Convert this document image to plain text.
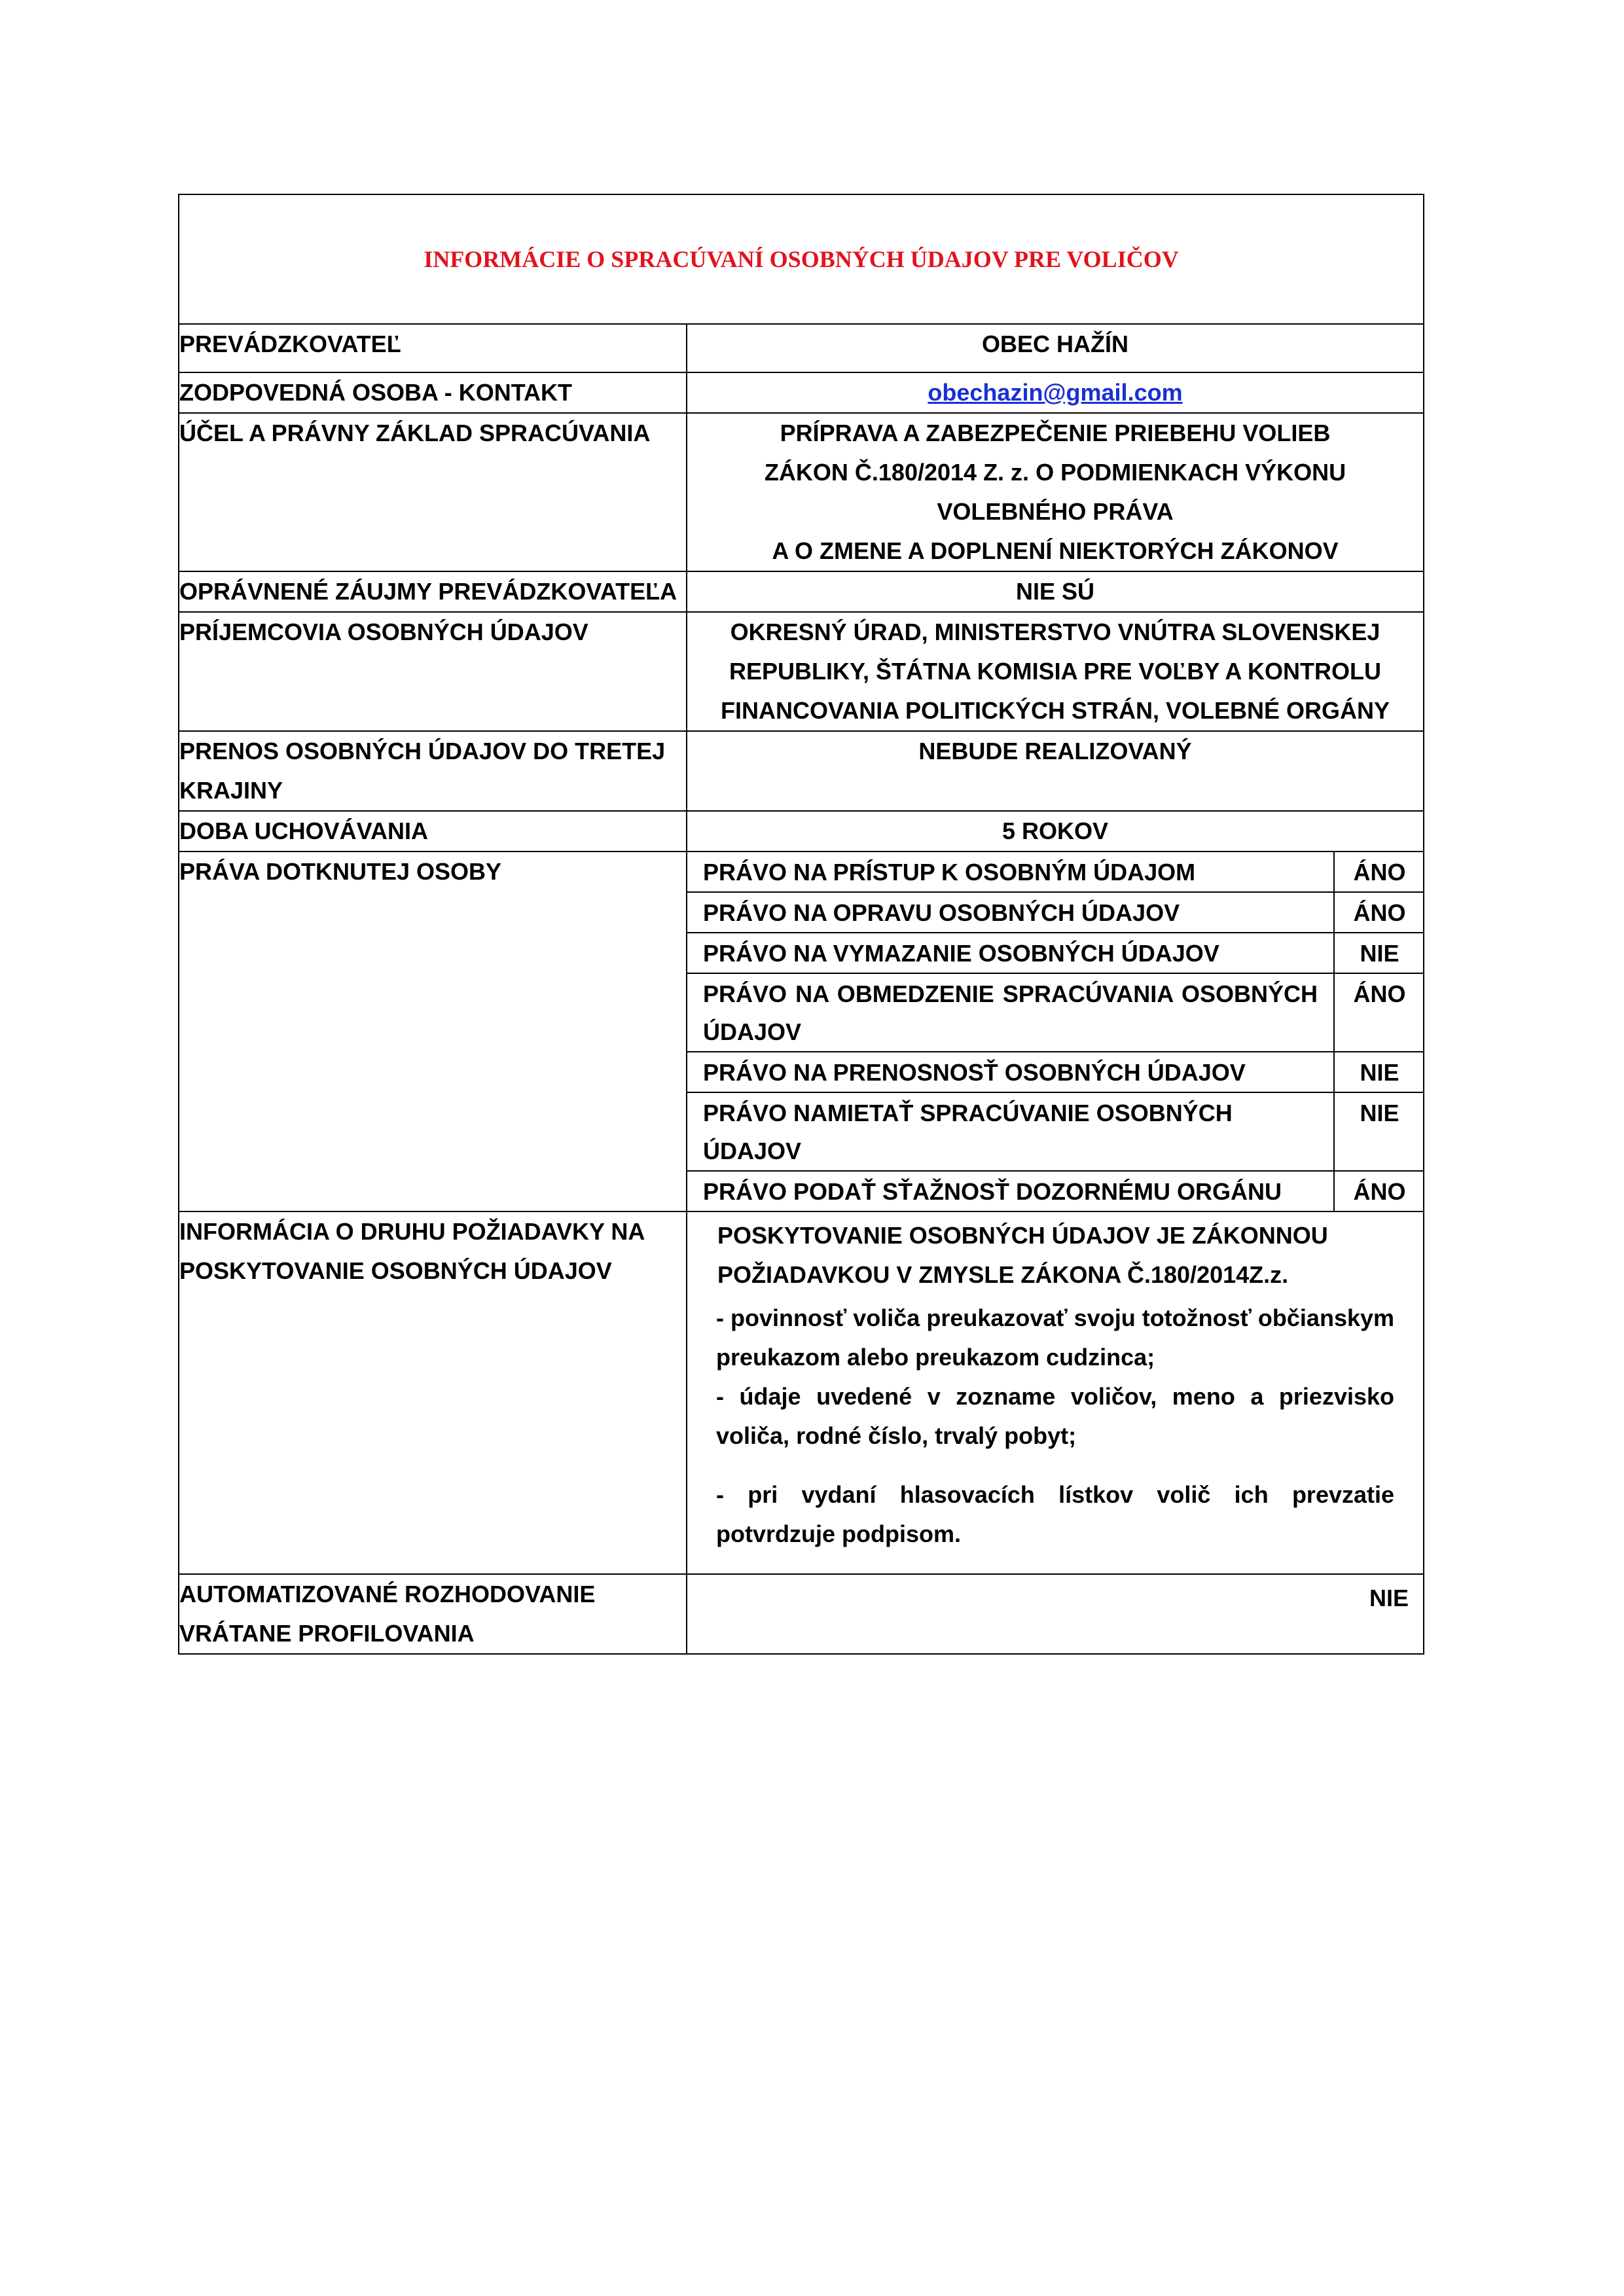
INFORMÁCIE O SPRACÚVANÍ OSOBNÝCH ÚDAJOV PRE VOLIČOV
PREVÁDZKOVATEĽ	OBEC HAŽÍN
ZODPOVEDNÁ OSOBA - KONTAKT	obechazin@gmail.com
ÚČEL A PRÁVNY ZÁKLAD SPRACÚVANIA	PRÍPRAVA A ZABEZPEČENIE PRIEBEHU VOLIEB
ZÁKON Č.180/2014 Z. z. O PODMIENKACH VÝKONU
VOLEBNÉHO PRÁVA
A O ZMENE A DOPLNENÍ NIEKTORÝCH ZÁKONOV

OPRÁVNENÉ ZÁUJMY PREVÁDZKOVATEĽA	NIE SÚ
PRÍJEMCOVIA OSOBNÝCH ÚDAJOV	OKRESNÝ ÚRAD, MINISTERSTVO VNÚTRA SLOVENSKEJ
REPUBLIKY, ŠTÁTNA KOMISIA PRE VOĽBY A KONTROLU
FINANCOVANIA POLITICKÝCH STRÁN, VOLEBNÉ ORGÁNY

PRENOS OSOBNÝCH ÚDAJOV DO TRETEJ
KRAJINY
	NEBUDE REALIZOVANÝ
DOBA UCHOVÁVANIA	5 ROKOV
PRÁVA DOTKNUTEJ OSOBY		PRÁVO NA PRÍSTUP K OSOBNÝM ÚDAJOM	ÁNO
PRÁVO NA OPRAVU OSOBNÝCH ÚDAJOV	ÁNO
PRÁVO NA VYMAZANIE OSOBNÝCH ÚDAJOV	NIE
PRÁVO NA OBMEDZENIE SPRACÚVANIA OSOBNÝCH ÚDAJOV	ÁNO
PRÁVO NA PRENOSNOSŤ OSOBNÝCH ÚDAJOV	NIE
PRÁVO NAMIETAŤ SPRACÚVANIE OSOBNÝCH ÚDAJOV	NIE
PRÁVO PODAŤ SŤAŽNOSŤ DOZORNÉMU ORGÁNU	ÁNO

INFORMÁCIA O DRUHU POŽIADAVKY NA
POSKYTOVANIE OSOBNÝCH ÚDAJOV

POSKYTOVANIE OSOBNÝCH ÚDAJOV JE ZÁKONNOU
POŽIADAVKOU V ZMYSLE ZÁKONA Č.180/2014Z.z.

- povinnosť voliča preukazovať svoju totožnosť občianskym preukazom alebo preukazom cudzinca;

- údaje uvedené v zozname voličov, meno a priezvisko voliča, rodné číslo, trvalý pobyt;

- pri vydaní hlasovacích lístkov volič ich prevzatie potvrdzuje podpisom.

AUTOMATIZOVANÉ ROZHODOVANIE
VRÁTANE PROFILOVANIA
	NIE
